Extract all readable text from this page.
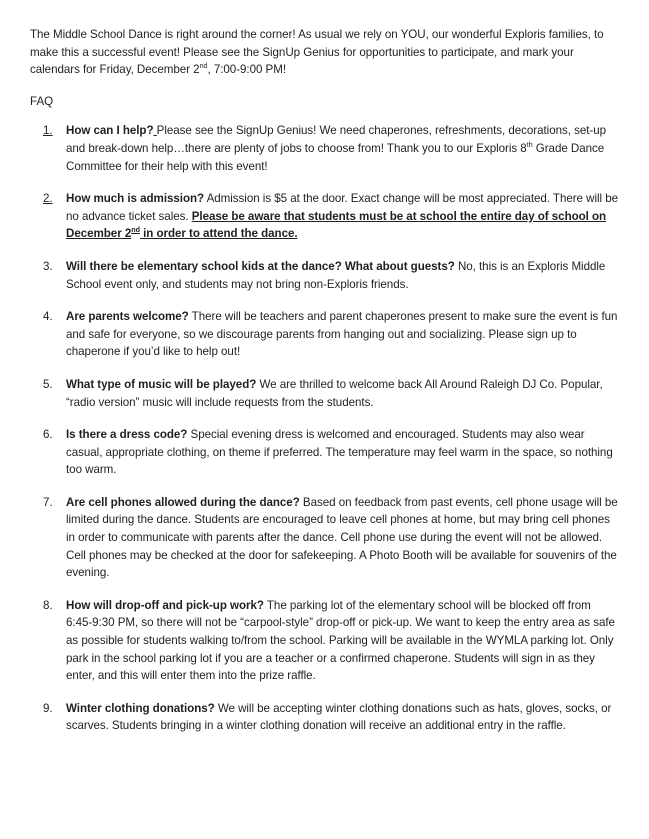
The Middle School Dance is right around the corner! As usual we rely on YOU, our wonderful Exploris families, to make this a successful event! Please see the SignUp Genius for opportunities to participate, and mark your calendars for Friday, December 2nd, 7:00-9:00 PM!

FAQ

1.	How can I help? Please see the SignUp Genius! We need chaperones, refreshments, decorations, set-up and break-down help…there are plenty of jobs to choose from! Thank you to our Exploris 8th Grade Dance Committee for their help with this event!
2.	How much is admission? Admission is $5 at the door. Exact change will be most appreciated. There will be no advance ticket sales. Please be aware that students must be at school the entire day of school on December 2nd in order to attend the dance.
3.	Will there be elementary school kids at the dance? What about guests? No, this is an Exploris Middle School event only, and students may not bring non-Exploris friends.
4.	Are parents welcome? There will be teachers and parent chaperones present to make sure the event is fun and safe for everyone, so we discourage parents from hanging out and socializing. Please sign up to chaperone if you’d like to help out!
5.	What type of music will be played? We are thrilled to welcome back All Around Raleigh DJ Co. Popular, “radio version” music will include requests from the students.
6.	Is there a dress code? Special evening dress is welcomed and encouraged. Students may also wear casual, appropriate clothing, on theme if preferred. The temperature may feel warm in the space, so nothing too warm.
7.	Are cell phones allowed during the dance? Based on feedback from past events, cell phone usage will be limited during the dance. Students are encouraged to leave cell phones at home, but may bring cell phones in order to communicate with parents after the dance. Cell phone use during the event will not be allowed. Cell phones may be checked at the door for safekeeping. A Photo Booth will be available for souvenirs of the evening.
8.	How will drop-off and pick-up work? The parking lot of the elementary school will be blocked off from 6:45-9:30 PM, so there will not be “carpool-style” drop-off or pick-up. We want to keep the entry area as safe as possible for students walking to/from the school. Parking will be available in the WYMLA parking lot. Only park in the school parking lot if you are a teacher or a confirmed chaperone. Students will sign in as they enter, and this will enter them into the prize raffle.
9.	Winter clothing donations? We will be accepting winter clothing donations such as hats, gloves, socks, or scarves. Students bringing in a winter clothing donation will receive an additional entry in the raffle.
